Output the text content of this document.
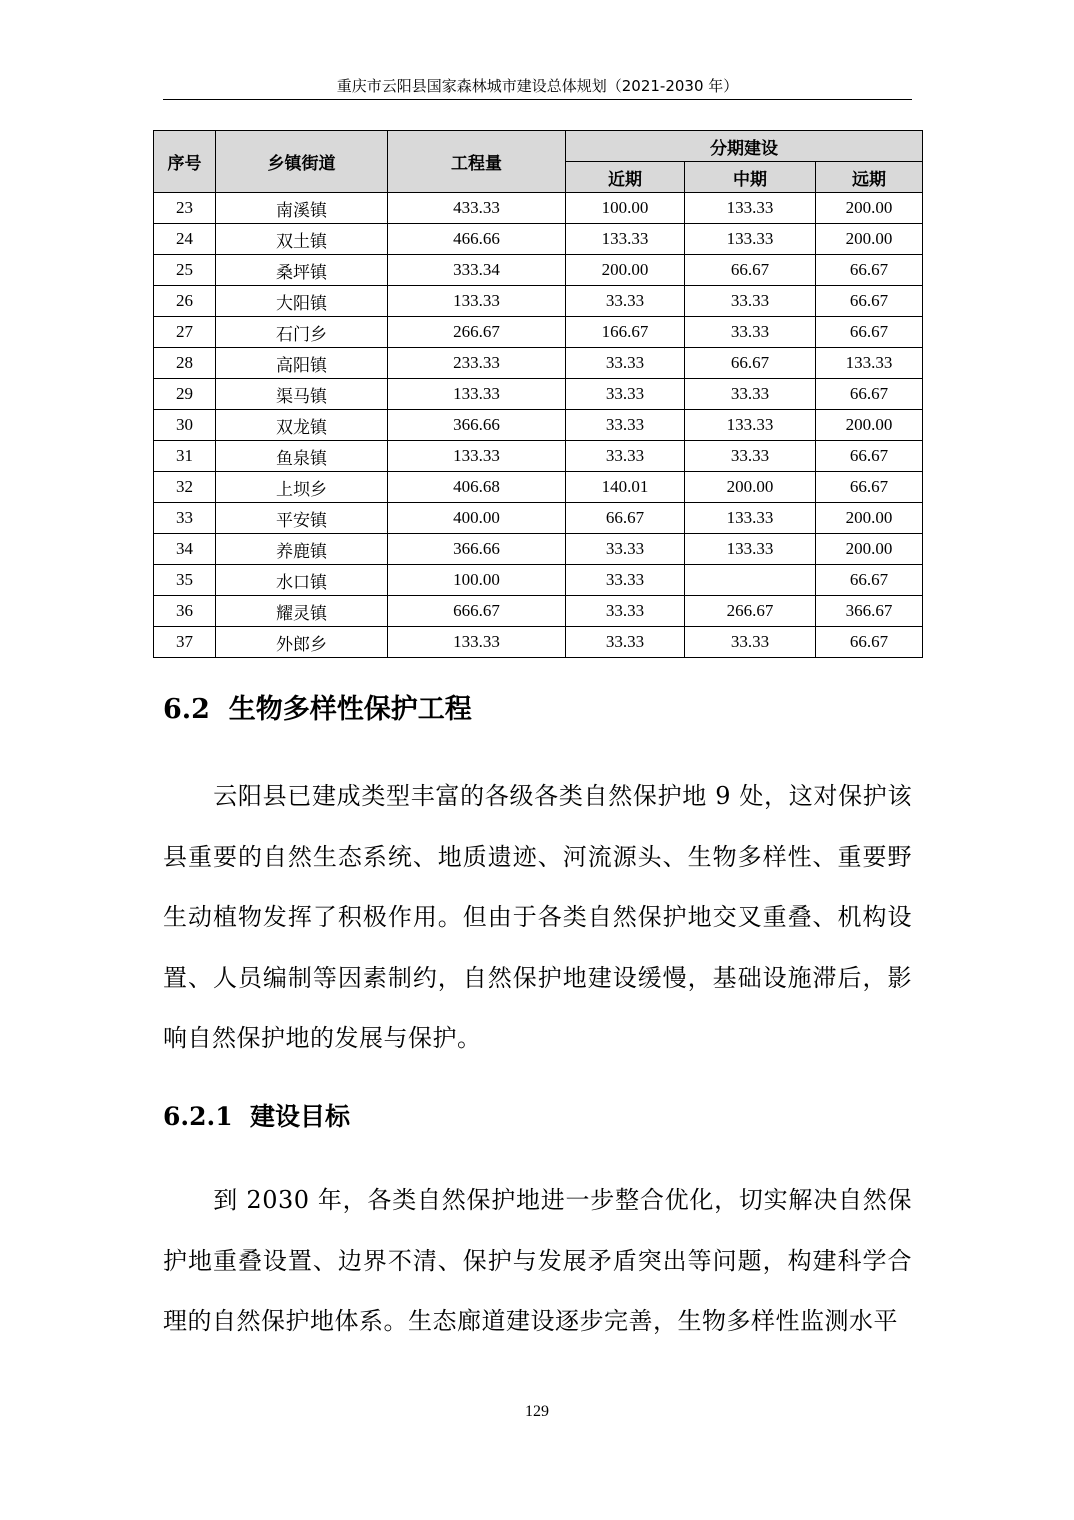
重庆市云阳县国家森林城市建设总体规划（2021-2030 年）
序号	乡镇街道	工程量	分期建设		
			近期	中期	远期
23	南溪镇	433.33	100.00	133.33	200.00
24	双土镇	466.66	133.33	133.33	200.00
25	桑坪镇	333.34	200.00	66.67	66.67
26	大阳镇	133.33	33.33	33.33	66.67
27	石门乡	266.67	166.67	33.33	66.67
28	高阳镇	233.33	33.33	66.67	133.33
29	渠马镇	133.33	33.33	33.33	66.67
30	双龙镇	366.66	33.33	133.33	200.00
31	鱼泉镇	133.33	33.33	33.33	66.67
32	上坝乡	406.68	140.01	200.00	66.67
33	平安镇	400.00	66.67	133.33	200.00
34	养鹿镇	366.66	33.33	133.33	200.00
35	水口镇	100.00	33.33		66.67
36	耀灵镇	666.67	33.33	266.67	366.67
37	外郎乡	133.33	33.33	33.33	66.67
6.2  生物多样性保护工程
云阳县已建成类型丰富的各级各类自然保护地 9 处，这对保护该县重要的自然生态系统、地质遗迹、河流源头、生物多样性、重要野生动植物发挥了积极作用。但由于各类自然保护地交叉重叠、机构设置、人员编制等因素制约，自然保护地建设缓慢，基础设施滞后，影响自然保护地的发展与保护。
6.2.1  建设目标
到 2030 年，各类自然保护地进一步整合优化，切实解决自然保护地重叠设置、边界不清、保护与发展矛盾突出等问题，构建科学合理的自然保护地体系。生态廊道建设逐步完善，生物多样性监测水平
129
